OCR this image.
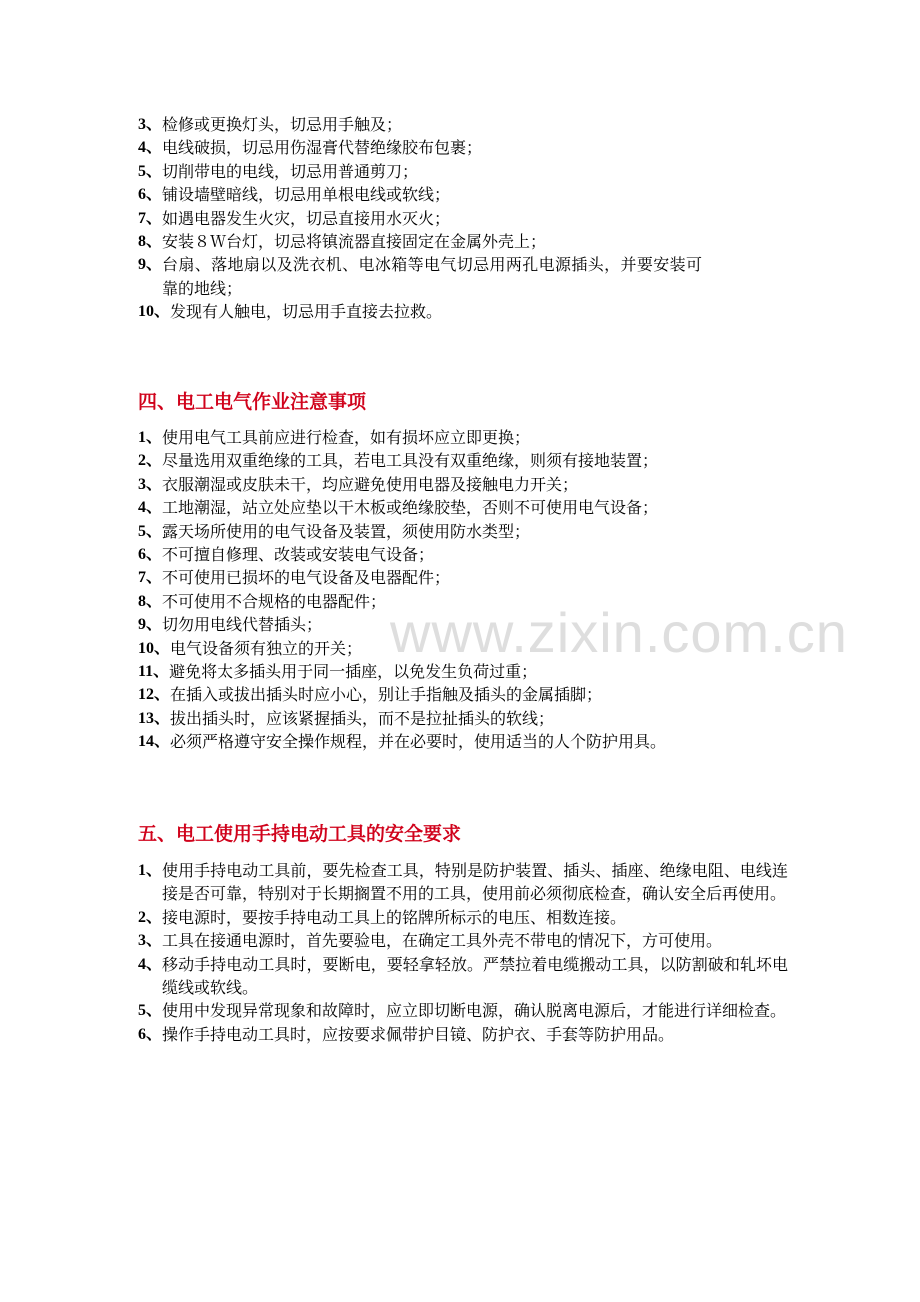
3、 检修或更换灯头，切忌用手触及；
4、 电线破损，切忌用伤湿膏代替绝缘胶布包裹；
5、 切削带电的电线，切忌用普通剪刀；
6、 铺设墙壁暗线，切忌用单根电线或软线；
7、 如遇电器发生火灾，切忌直接用水灭火；
8、 安装８Ｗ台灯，切忌将镇流器直接固定在金属外壳上；
9、 台扇、落地扇以及洗衣机、电冰箱等电气切忌用两孔电源插头，并要安装可靠的地线；
10、 发现有人触电，切忌用手直接去拉救。
四、电工电气作业注意事项
1、 使用电气工具前应进行检查，如有损坏应立即更换；
2、 尽量选用双重绝缘的工具，若电工具没有双重绝缘，则须有接地装置；
3、 衣服潮湿或皮肤未干，均应避免使用电器及接触电力开关；
4、 工地潮湿，站立处应垫以干木板或绝缘胶垫，否则不可使用电气设备；
5、 露天场所使用的电气设备及装置，须使用防水类型；
6、 不可擅自修理、改装或安装电气设备；
7、 不可使用已损坏的电气设备及电器配件；
8、 不可使用不合规格的电器配件；
9、 切勿用电线代替插头；
10、 电气设备须有独立的开关；
11、 避免将太多插头用于同一插座，以免发生负荷过重；
12、 在插入或拔出插头时应小心，别让手指触及插头的金属插脚；
13、 拔出插头时，应该紧握插头，而不是拉扯插头的软线；
14、 必须严格遵守安全操作规程，并在必要时，使用适当的人个防护用具。
五、电工使用手持电动工具的安全要求
1、 使用手持电动工具前，要先检查工具，特别是防护装置、插头、插座、绝缘电阻、电线连接是否可靠，特别对于长期搁置不用的工具，使用前必须彻底检查，确认安全后再使用。
2、 接电源时，要按手持电动工具上的铭牌所标示的电压、相数连接。
3、 工具在接通电源时，首先要验电，在确定工具外壳不带电的情况下，方可使用。
4、 移动手持电动工具时，要断电，要轻拿轻放。严禁拉着电缆搬动工具，以防割破和轧坏电缆线或软线。
5、 使用中发现异常现象和故障时，应立即切断电源，确认脱离电源后，才能进行详细检查。
6、 操作手持电动工具时，应按要求佩带护目镜、防护衣、手套等防护用品。
www.zixin.com.cn
